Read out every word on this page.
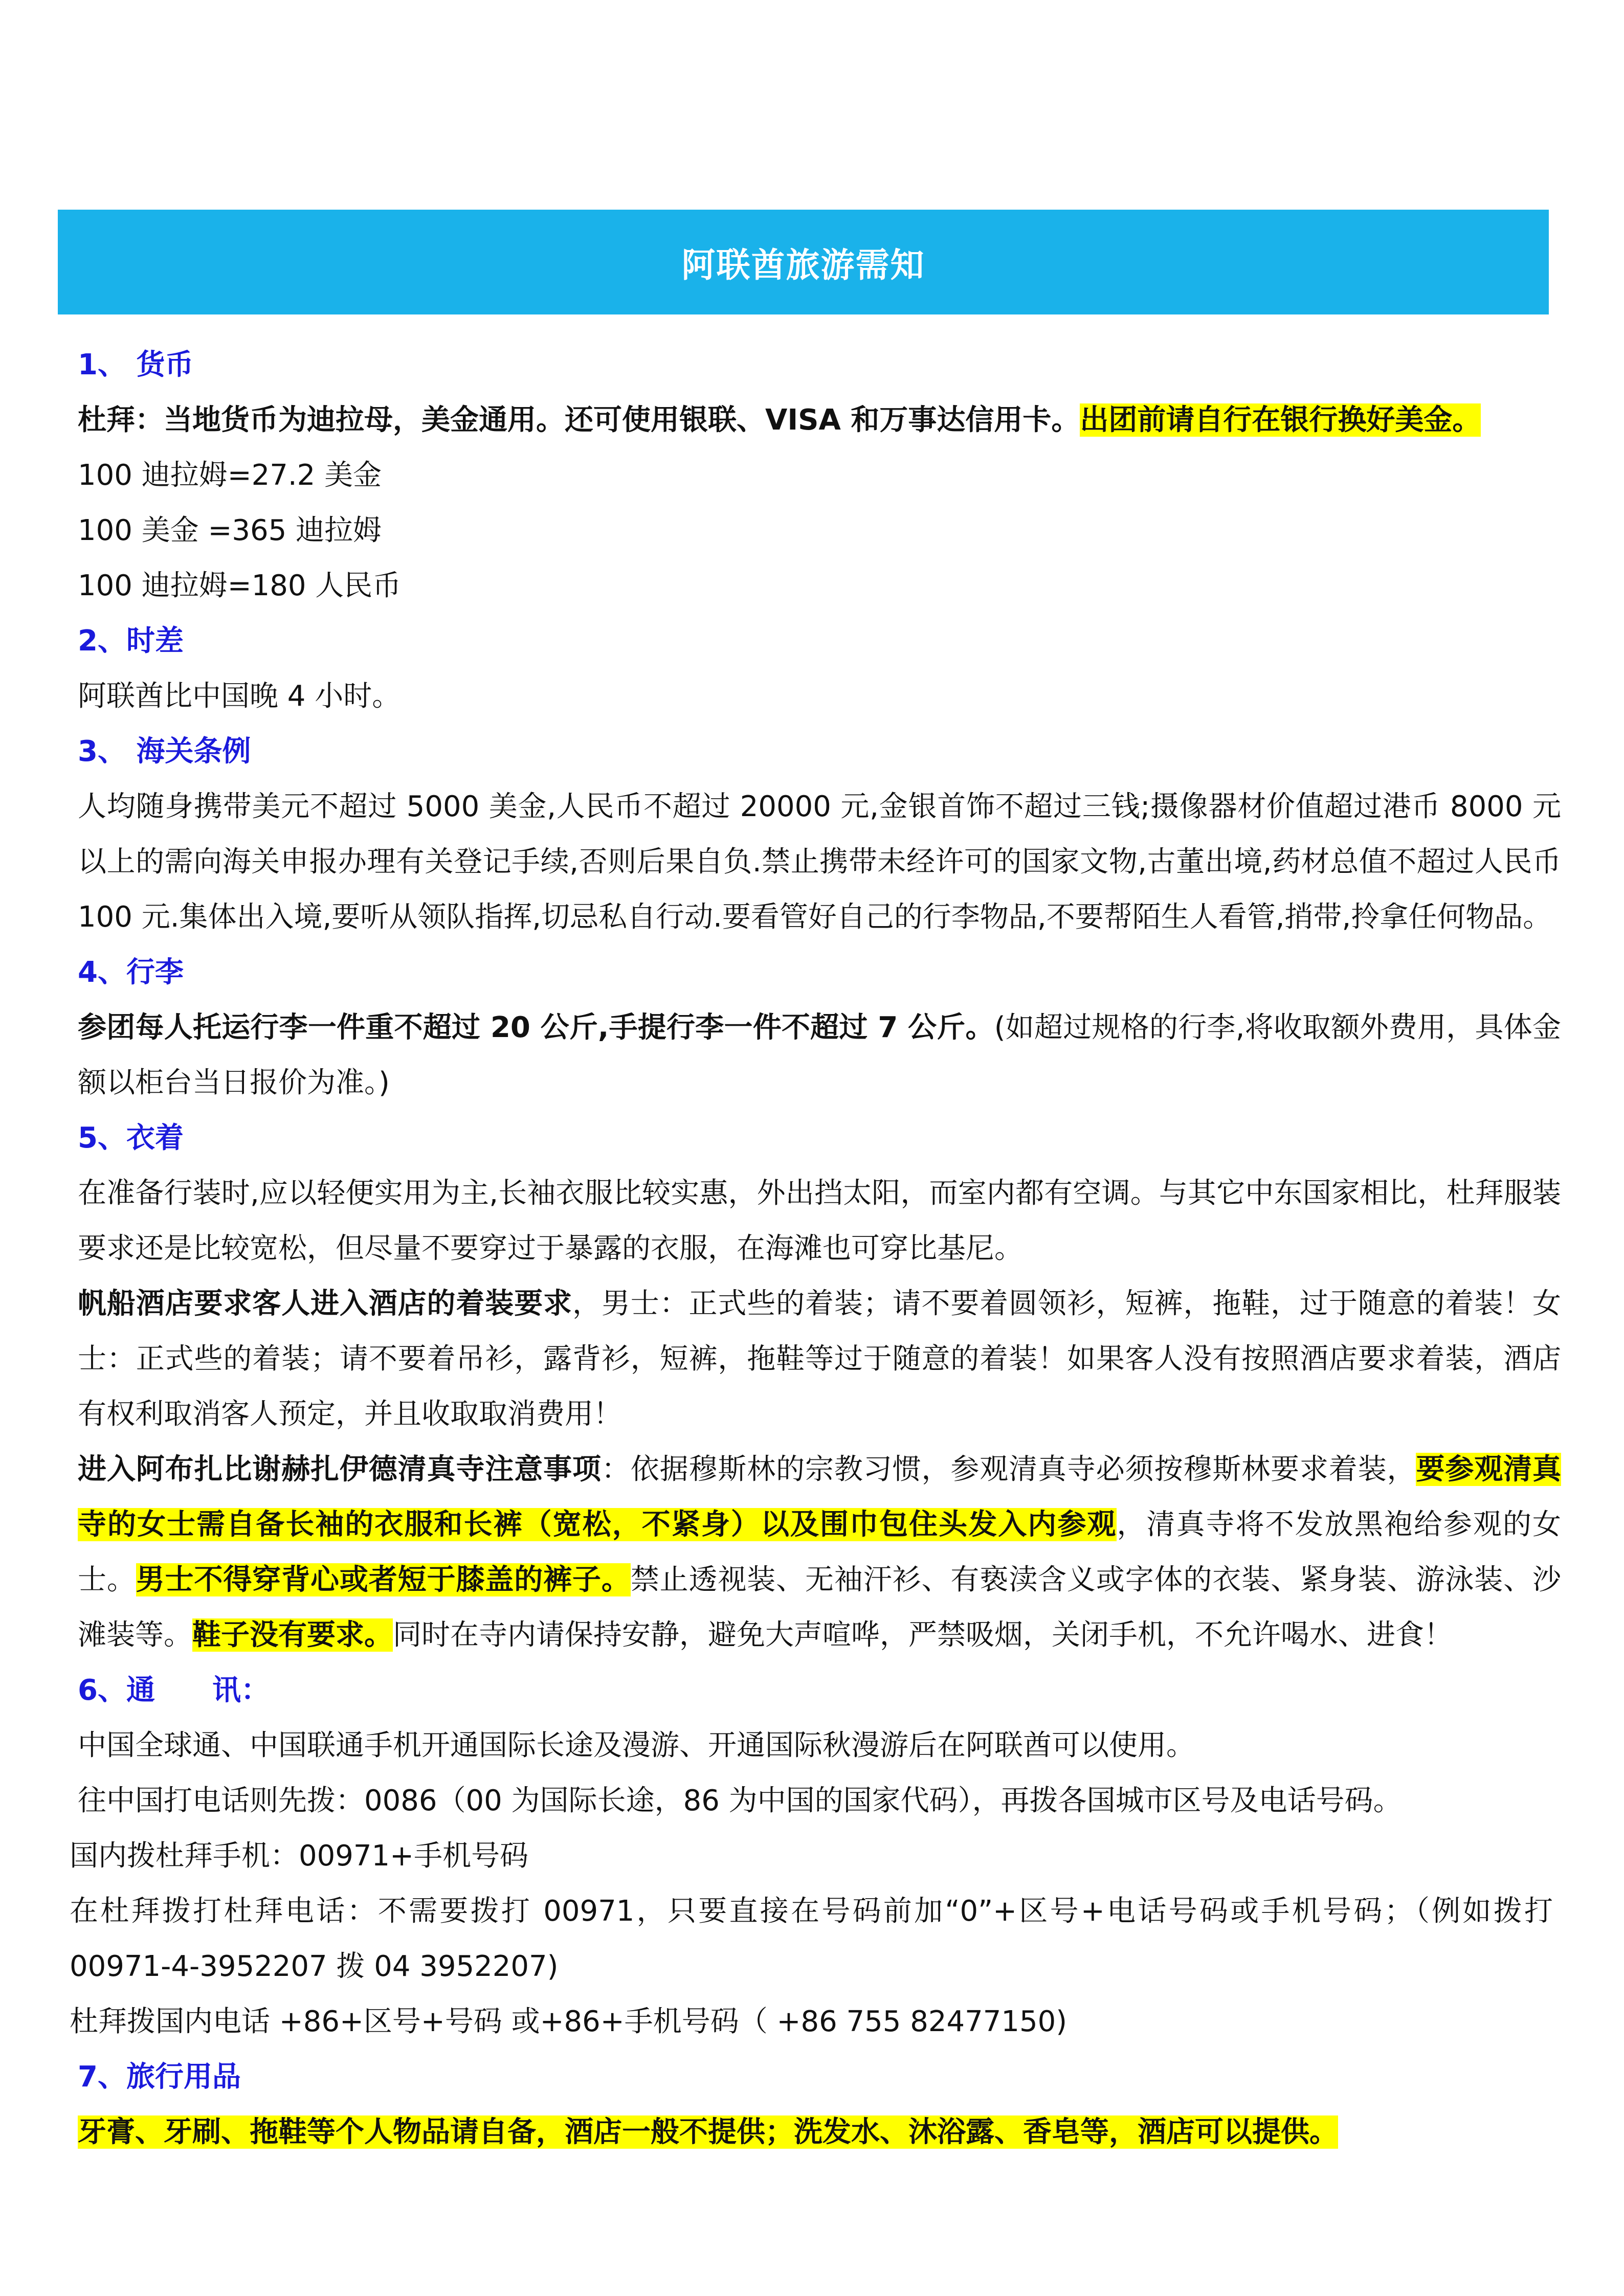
阿联酋旅游需知
1、 货币
杜拜：当地货币为迪拉母，美金通用。还可使用银联、VISA 和万事达信用卡。出团前请自行在银行换好美金。
100 迪拉姆=27.2 美金
100 美金 =365 迪拉姆
100 迪拉姆=180 人民币
2、时差
阿联酋比中国晚 4 小时。
3、 海关条例
人均随身携带美元不超过 5000 美金,人民币不超过 20000 元,金银首饰不超过三钱;摄像器材价值超过港币 8000 元以上的需向海关申报办理有关登记手续,否则后果自负.禁止携带未经许可的国家文物,古董出境,药材总值不超过人民币 100 元.集体出入境,要听从领队指挥,切忌私自行动.要看管好自己的行李物品,不要帮陌生人看管,捎带,拎拿任何物品。
4、行李
参团每人托运行李一件重不超过 20 公斤,手提行李一件不超过 7 公斤。(如超过规格的行李,将收取额外费用，具体金额以柜台当日报价为准。)
5、衣着
在准备行装时,应以轻便实用为主,长袖衣服比较实惠，外出挡太阳，而室内都有空调。与其它中东国家相比，杜拜服装要求还是比较宽松，但尽量不要穿过于暴露的衣服，在海滩也可穿比基尼。
帆船酒店要求客人进入酒店的着装要求，男士：正式些的着装；请不要着圆领衫，短裤，拖鞋，过于随意的着装！女士：正式些的着装；请不要着吊衫，露背衫，短裤，拖鞋等过于随意的着装！如果客人没有按照酒店要求着装，酒店有权利取消客人预定，并且收取取消费用！
进入阿布扎比谢赫扎伊德清真寺注意事项：依据穆斯林的宗教习惯，参观清真寺必须按穆斯林要求着装，要参观清真寺的女士需自备长袖的衣服和长裤（宽松，不紧身）以及围巾包住头发入内参观，清真寺将不发放黑袍给参观的女士。男士不得穿背心或者短于膝盖的裤子。禁止透视装、无袖汗衫、有亵渎含义或字体的衣装、紧身装、游泳装、沙滩装等。鞋子没有要求。同时在寺内请保持安静，避免大声喧哗，严禁吸烟，关闭手机，不允许喝水、进食！
6、通　　讯：
中国全球通、中国联通手机开通国际长途及漫游、开通国际秋漫游后在阿联酋可以使用。
往中国打电话则先拨：0086（00 为国际长途，86 为中国的国家代码），再拨各国城市区号及电话号码。
国内拨杜拜手机：00971+手机号码
在杜拜拨打杜拜电话：不需要拨打 00971，只要直接在号码前加“0”+区号+电话号码或手机号码；（例如拨打 00971-4-3952207 拨 04 3952207)
杜拜拨国内电话 +86+区号+号码 或+86+手机号码（ +86 755 82477150)
7、旅行用品
牙膏、牙刷、拖鞋等个人物品请自备，酒店一般不提供；洗发水、沐浴露、香皂等，酒店可以提供。
